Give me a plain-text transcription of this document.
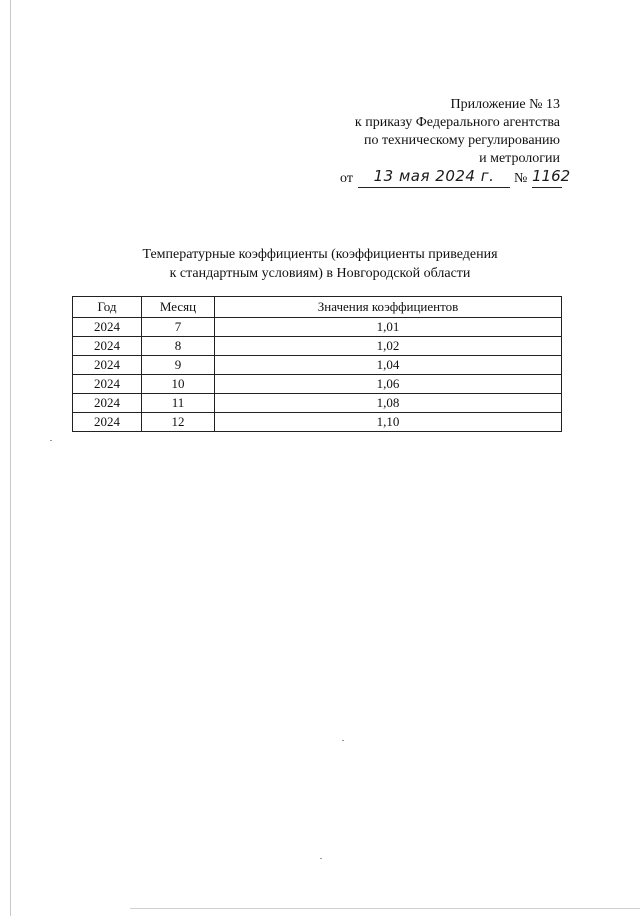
Приложение № 13
к приказу Федерального агентства
по техническому регулированию
и метрологии
от	13 мая 2024 г.	№ 1162
Температурные коэффициенты (коэффициенты приведения
к стандартным условиям) в Новгородской области
Год	Месяц	Значения коэффициентов
2024	7	1,01
2024	8	1,02
2024	9	1,04
2024	10	1,06
2024	11	1,08
2024	12	1,10
